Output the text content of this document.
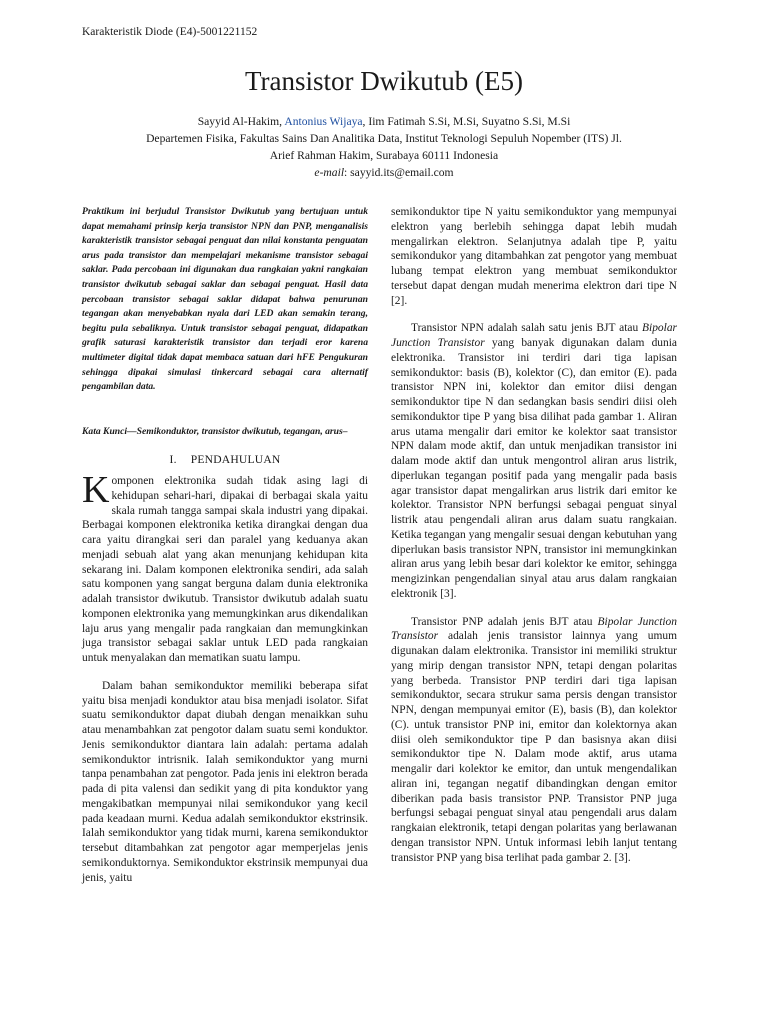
Karakteristik Diode (E4)-5001221152
Transistor Dwikutub (E5)
Sayyid Al-Hakim, Antonius Wijaya, Iim Fatimah S.Si, M.Si, Suyatno S.Si, M.Si
Departemen Fisika, Fakultas Sains Dan Analitika Data, Institut Teknologi Sepuluh Nopember (ITS) Jl.
Arief Rahman Hakim, Surabaya 60111 Indonesia
e-mail: sayyid.its@email.com

Praktikum ini berjudul Transistor Dwikutub yang bertujuan untuk dapat memahami prinsip kerja transistor NPN dan PNP, menganalisis karakteristik transistor sebagai penguat dan nilai konstanta penguatan arus pada transistor dan mempelajari mekanisme transistor sebagai saklar. Pada percobaan ini digunakan dua rangkaian yakni rangkaian transistor dwikutub sebagai saklar dan sebagai penguat. Hasil data percobaan transistor sebagai saklar didapat bahwa penurunan tegangan akan menyebabkan nyala dari LED akan semakin terang, begitu pula sebaliknya. Untuk transistor sebagai penguat, didapatkan grafik saturasi karakteristik transistor dan terjadi eror karena multimeter digital tidak dapat membaca satuan dari hFE Pengukuran sehingga dipakai simulasi tinkercard sebagai cara alternatif pengambilan data.

Kata Kunci—Semikonduktor, transistor dwikutub, tegangan, arus–

I. PENDAHULUAN

Komponen elektronika sudah tidak asing lagi di kehidupan sehari-hari, dipakai di berbagai skala yaitu skala rumah tangga sampai skala industri yang dipakai. Berbagai komponen elektronika ketika dirangkai dengan dua cara yaitu dirangkai seri dan paralel yang keduanya akan menjadi sebuah alat yang akan menunjang kehidupan kita sekarang ini. Dalam komponen elektronika sendiri, ada salah satu komponen yang sangat berguna dalam dunia elektronika adalah transistor dwikutub. Transistor dwikutub adalah suatu komponen elektronika yang memungkinkan arus dikendalikan laju arus yang mengalir pada rangkaian dan memungkinkan juga transistor sebagai saklar untuk LED pada rangkaian untuk menyalakan dan mematikan suatu lampu.

Dalam bahan semikonduktor memiliki beberapa sifat yaitu bisa menjadi konduktor atau bisa menjadi isolator. Sifat suatu semikonduktor dapat diubah dengan menaikkan suhu atau menambahkan zat pengotor dalam suatu semi konduktor. Jenis semikonduktor diantara lain adalah: pertama adalah semikonduktor intrisnik. Ialah semikonduktor yang murni tanpa penambahan zat pengotor. Pada jenis ini elektron berada pada di pita valensi dan sedikit yang di pita konduktor yang mengakibatkan mempunyai nilai semikondukor yang kecil pada keadaan murni. Kedua adalah semikonduktor ekstrinsik. Ialah semikonduktor yang tidak murni, karena semikonduktor tersebut ditambahkan zat pengotor agar memperjelas jenis semikonduktornya. Semikonduktor ekstrinsik mempunyai dua jenis, yaitu

semikonduktor tipe N yaitu semikonduktor yang mempunyai elektron yang berlebih sehingga dapat lebih mudah mengalirkan elektron. Selanjutnya adalah tipe P, yaitu semikondukor yang ditambahkan zat pengotor yang membuat lubang tempat elektron yang membuat semikonduktor tersebut dapat dengan mudah menerima elektron dari tipe N [2].

Transistor NPN adalah salah satu jenis BJT atau Bipolar Junction Transistor yang banyak digunakan dalam dunia elektronika. Transistor ini terdiri dari tiga lapisan semikonduktor: basis (B), kolektor (C), dan emitor (E). pada transistor NPN ini, kolektor dan emitor diisi dengan semikonduktor tipe N dan sedangkan basis sendiri diisi oleh semikonduktor tipe P yang bisa dilihat pada gambar 1. Aliran arus utama mengalir dari emitor ke kolektor saat transistor NPN dalam mode aktif, dan untuk menjadikan transistor ini dalam mode aktif dan untuk mengontrol aliran arus listrik, diperlukan tegangan positif pada yang mengalir pada basis agar transistor dapat mengalirkan arus listrik dari emitor ke kolektor. Transistor NPN berfungsi sebagai penguat sinyal listrik atau pengendali aliran arus dalam suatu rangkaian. Ketika tegangan yang mengalir sesuai dengan kebutuhan yang diperlukan basis transistor NPN, transistor ini memungkinkan aliran arus yang lebih besar dari kolektor ke emitor, sehingga mengizinkan pengendalian sinyal atau arus dalam rangkaian elektronik [3].

Transistor PNP adalah jenis BJT atau Bipolar Junction Transistor adalah jenis transistor lainnya yang umum digunakan dalam elektronika. Transistor ini memiliki struktur yang mirip dengan transistor NPN, tetapi dengan polaritas yang berbeda. Transistor PNP terdiri dari tiga lapisan semikonduktor, secara strukur sama persis dengan transistor NPN, dengan mempunyai emitor (E), basis (B), dan kolektor (C). untuk transistor PNP ini, emitor dan kolektornya akan diisi oleh semikonduktor tipe P dan basisnya akan diisi semikonduktor tipe N. Dalam mode aktif, arus utama mengalir dari kolektor ke emitor, dan untuk mengendalikan aliran ini, tegangan negatif dibandingkan dengan emitor diberikan pada basis transistor PNP. Transistor PNP juga berfungsi sebagai penguat sinyal atau pengendali arus dalam rangkaian elektronik, tetapi dengan polaritas yang berlawanan dengan transistor NPN. Untuk informasi lebih lanjut tentang transistor PNP yang bisa terlihat pada gambar 2. [3].
